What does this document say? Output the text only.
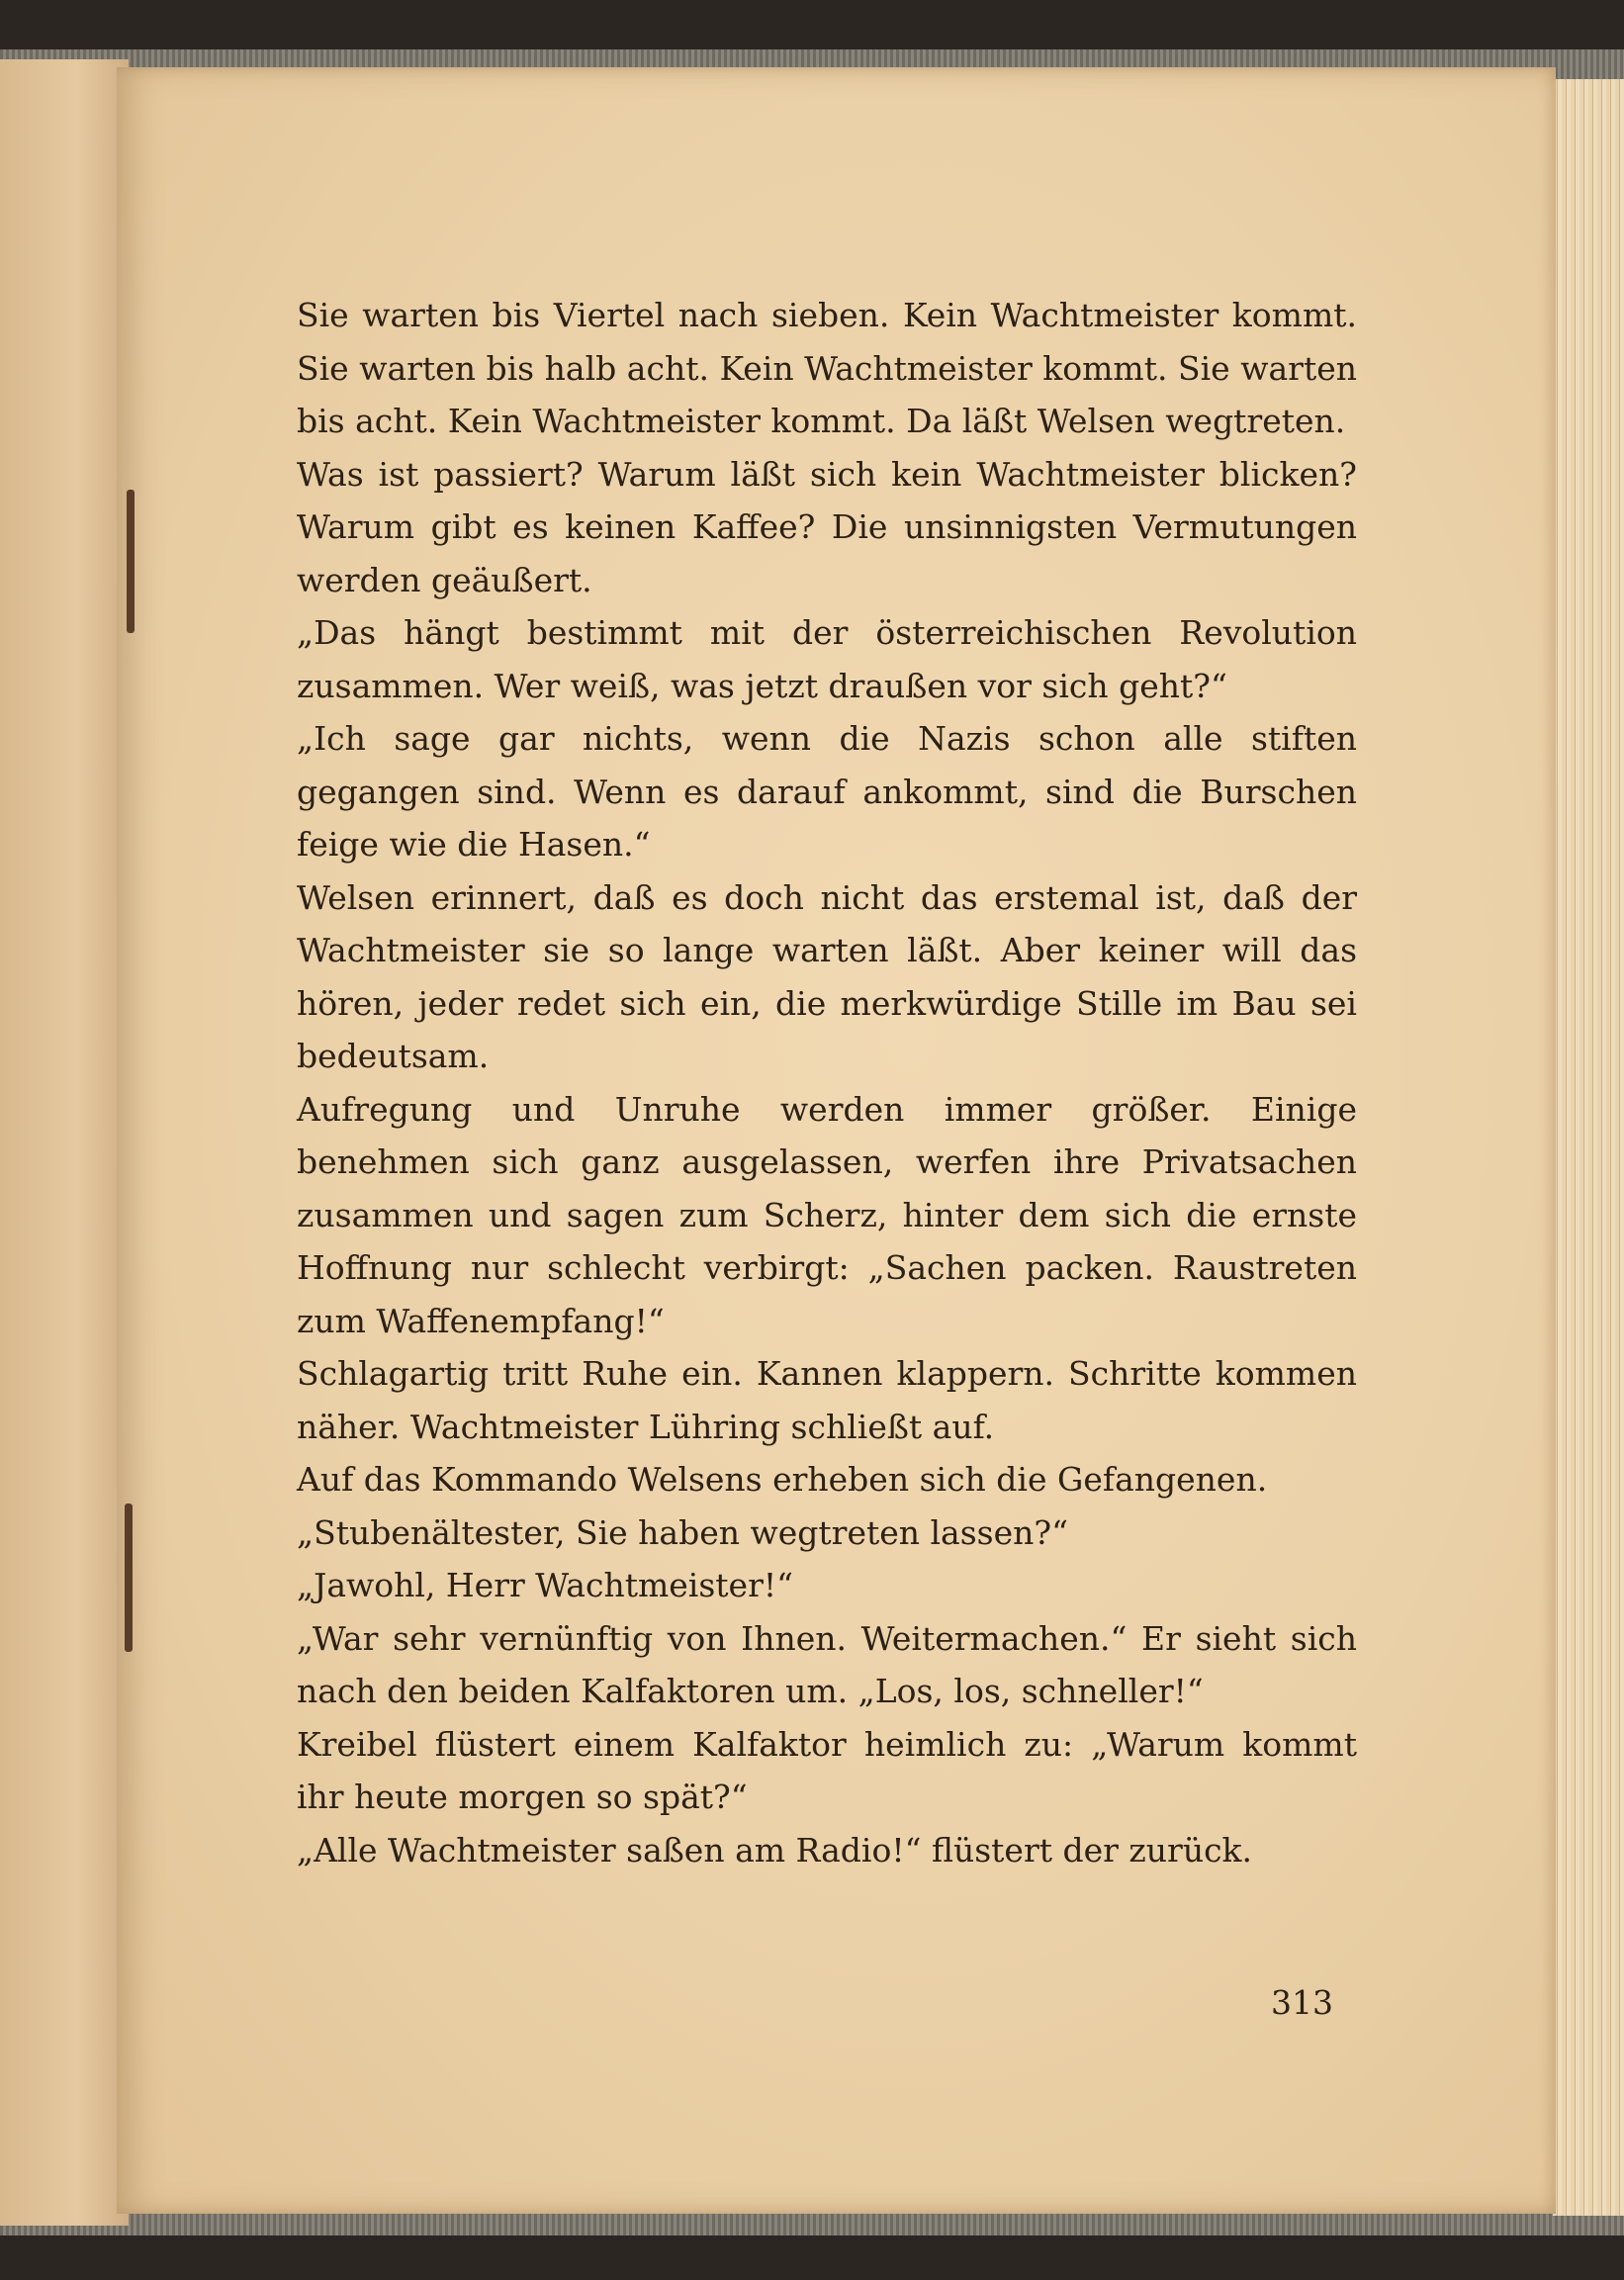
Sie warten bis Viertel nach sieben. Kein Wachtmeister kommt. Sie warten bis halb acht. Kein Wachtmeister kommt. Sie warten bis acht. Kein Wachtmeister kommt. Da läßt Welsen wegtreten.

Was ist passiert? Warum läßt sich kein Wachtmeister blicken? Warum gibt es keinen Kaffee? Die unsinnigsten Vermutungen werden geäußert.

„Das hängt bestimmt mit der österreichischen Revolution zusammen. Wer weiß, was jetzt draußen vor sich geht?“

„Ich sage gar nichts, wenn die Nazis schon alle stiften gegangen sind. Wenn es darauf ankommt, sind die Burschen feige wie die Hasen.“

Welsen erinnert, daß es doch nicht das erstemal ist, daß der Wachtmeister sie so lange warten läßt. Aber keiner will das hören, jeder redet sich ein, die merkwürdige Stille im Bau sei bedeutsam.

Aufregung und Unruhe werden immer größer. Einige benehmen sich ganz ausgelassen, werfen ihre Privatsachen zusammen und sagen zum Scherz, hinter dem sich die ernste Hoffnung nur schlecht verbirgt: „Sachen packen. Raustreten zum Waffenempfang!“

Schlagartig tritt Ruhe ein. Kannen klappern. Schritte kommen näher. Wachtmeister Lühring schließt auf.

Auf das Kommando Welsens erheben sich die Gefangenen.

„Stubenältester, Sie haben wegtreten lassen?“

„Jawohl, Herr Wachtmeister!“

„War sehr vernünftig von Ihnen. Weitermachen.“ Er sieht sich nach den beiden Kalfaktoren um. „Los, los, schneller!“

Kreibel flüstert einem Kalfaktor heimlich zu: „Warum kommt ihr heute morgen so spät?“

„Alle Wachtmeister saßen am Radio!“ flüstert der zurück.

313
